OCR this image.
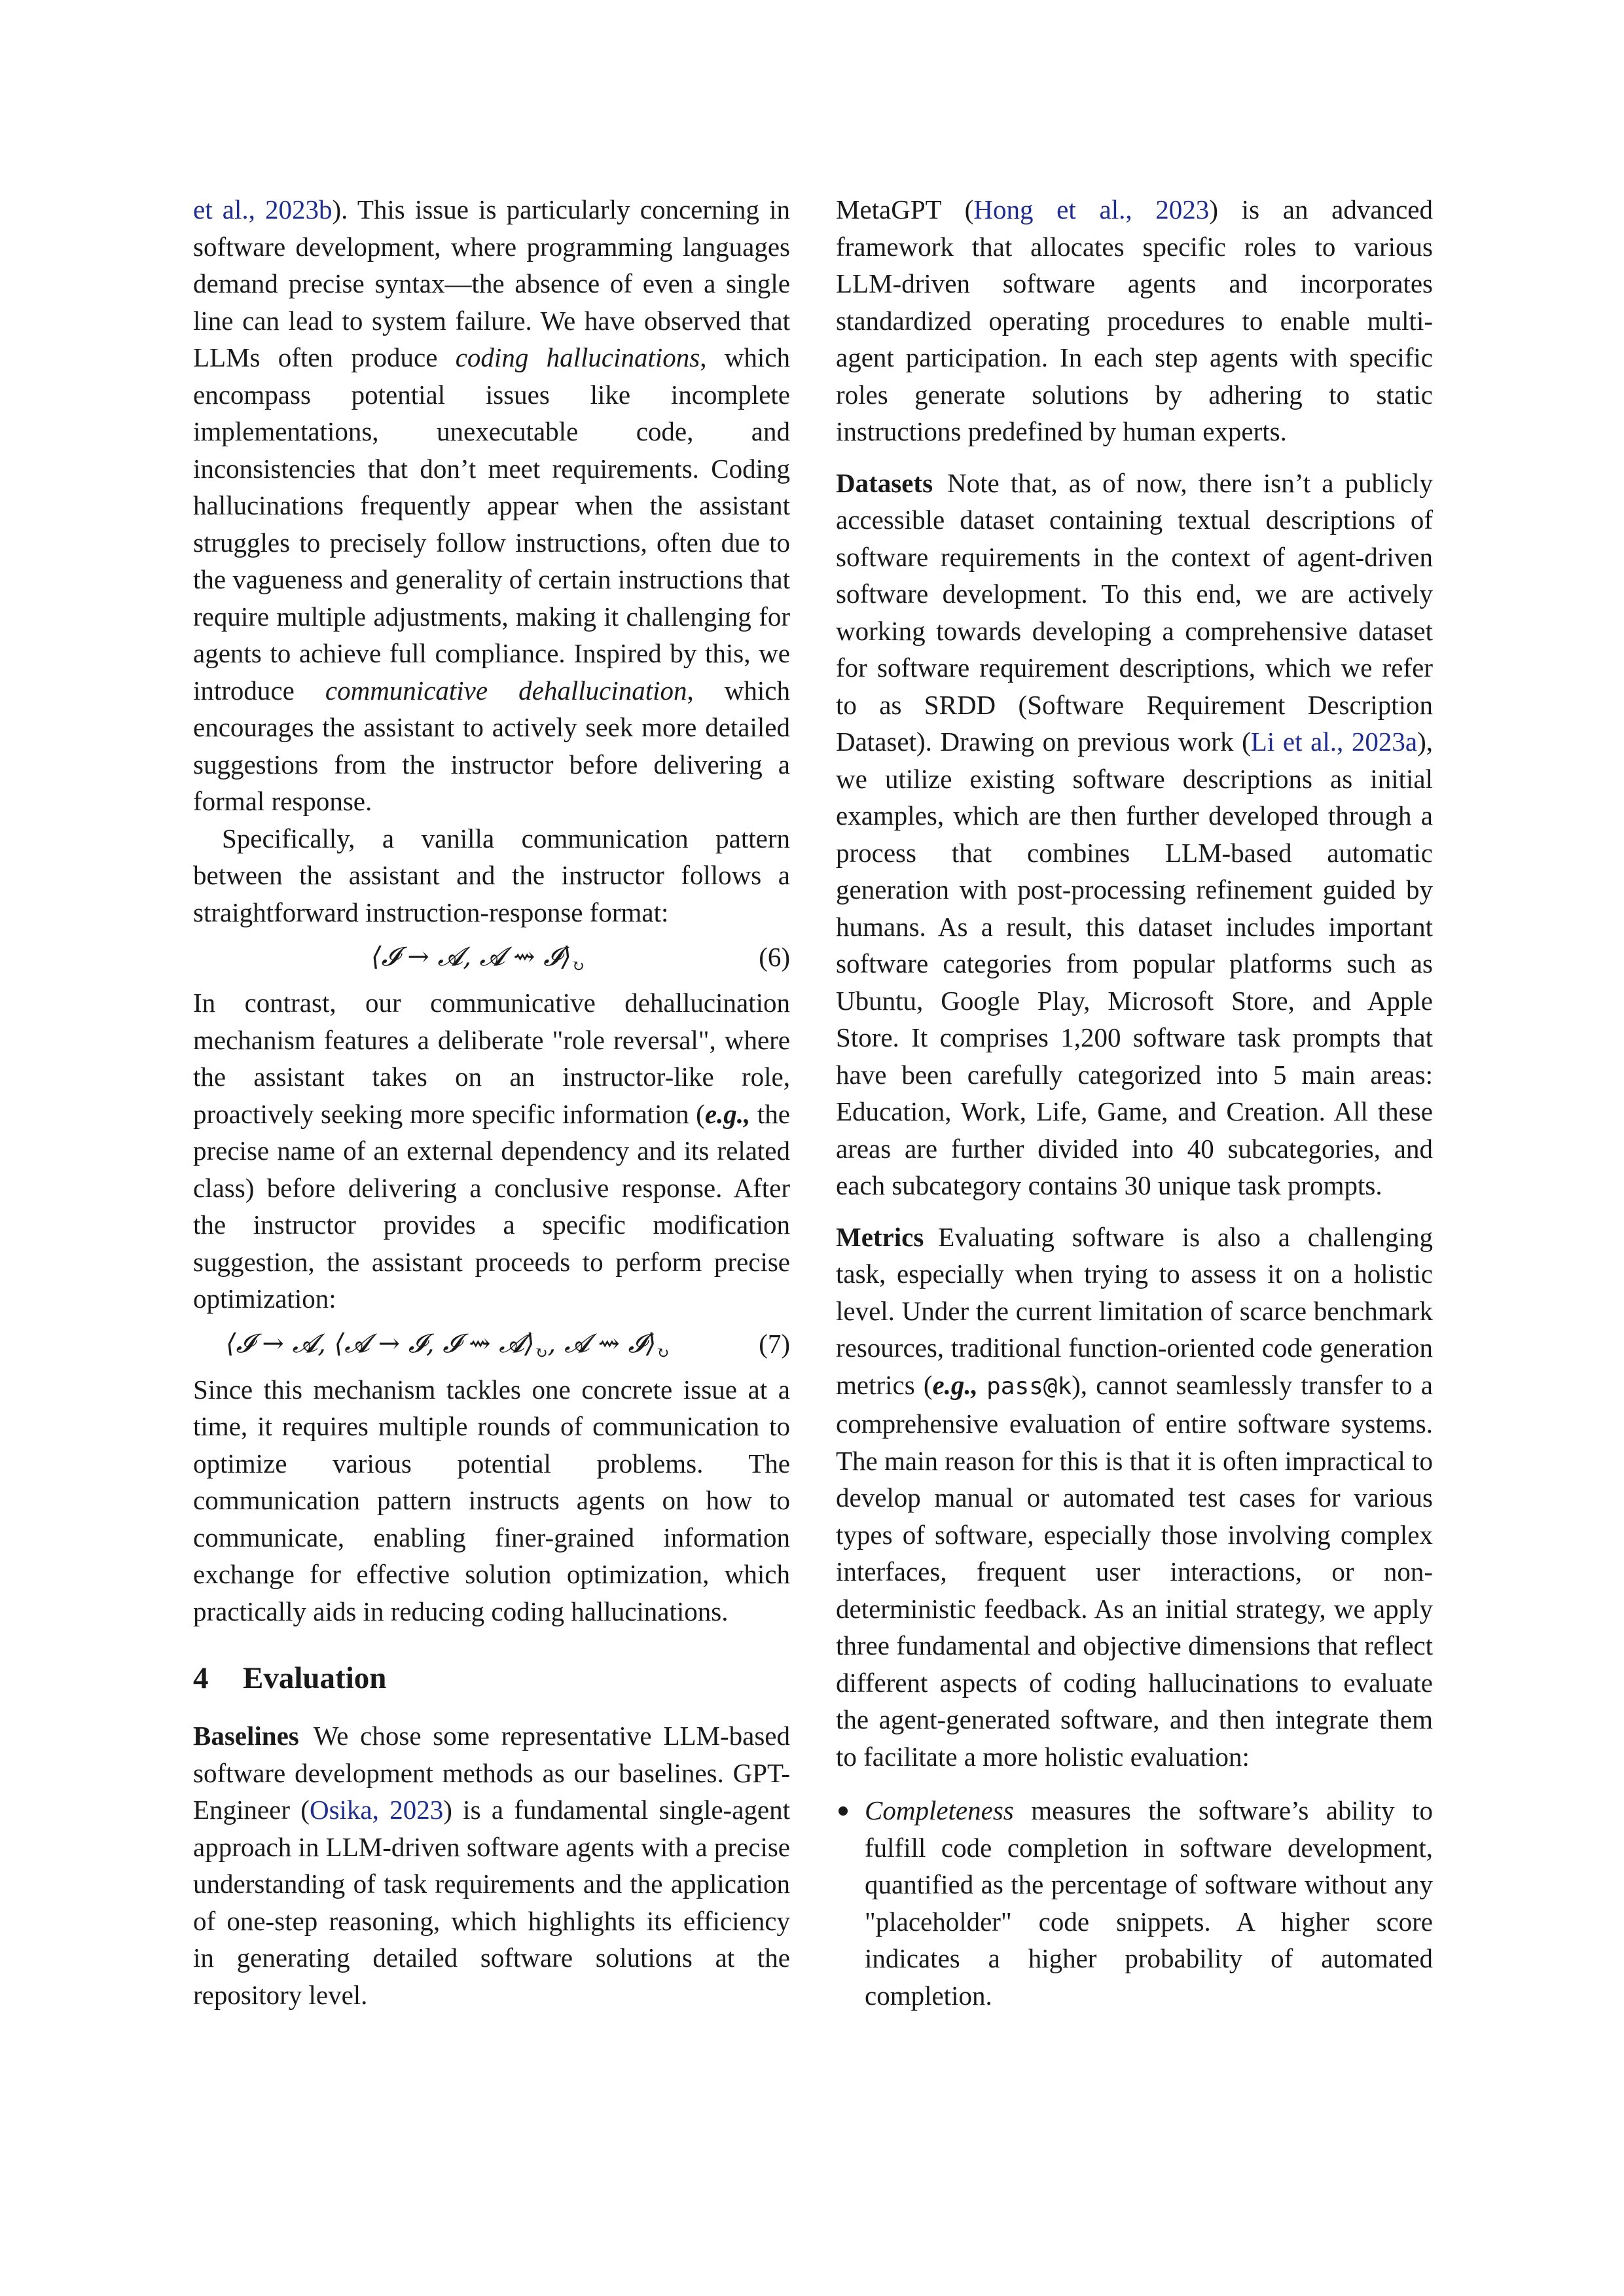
et al., 2023b). This issue is particularly concerning in software development, where programming languages demand precise syntax—the absence of even a single line can lead to system failure. We have observed that LLMs often produce coding hallucinations, which encompass potential issues like incomplete implementations, unexecutable code, and inconsistencies that don’t meet requirements. Coding hallucinations frequently appear when the assistant struggles to precisely follow instructions, often due to the vagueness and generality of certain instructions that require multiple adjustments, making it challenging for agents to achieve full compliance. Inspired by this, we introduce communicative dehallucination, which encourages the assistant to actively seek more detailed suggestions from the instructor before delivering a formal response.

Specifically, a vanilla communication pattern between the assistant and the instructor follows a straightforward instruction-response format:

⟨𝓘 → 𝓐, 𝓐 ⇝ $𝓘⟩_↻$	(6)

In contrast, our communicative dehallucination mechanism features a deliberate "role reversal", where the assistant takes on an instructor-like role, proactively seeking more specific information (e.g., the precise name of an external dependency and its related class) before delivering a conclusive response. After the instructor provides a specific modification suggestion, the assistant proceeds to perform precise optimization:

⟨𝓘 → 𝓐, ⟨𝓐 → 𝓘, 𝓘 ⇝ $𝓐⟩_↻$, 𝓐 ⇝ $𝓘⟩_↻$	(7)

Since this mechanism tackles one concrete issue at a time, it requires multiple rounds of communication to optimize various potential problems. The communication pattern instructs agents on how to communicate, enabling finer-grained information exchange for effective solution optimization, which practically aids in reducing coding hallucinations.

4 Evaluation

Baselines We chose some representative LLM-based software development methods as our baselines. GPT-Engineer (Osika, 2023) is a fundamental single-agent approach in LLM-driven software agents with a precise understanding of task requirements and the application of one-step reasoning, which highlights its efficiency in generating detailed software solutions at the repository level.

MetaGPT (Hong et al., 2023) is an advanced framework that allocates specific roles to various LLM-driven software agents and incorporates standardized operating procedures to enable multi-agent participation. In each step agents with specific roles generate solutions by adhering to static instructions predefined by human experts.

Datasets Note that, as of now, there isn’t a publicly accessible dataset containing textual descriptions of software requirements in the context of agent-driven software development. To this end, we are actively working towards developing a comprehensive dataset for software requirement descriptions, which we refer to as SRDD (Software Requirement Description Dataset). Drawing on previous work (Li et al., 2023a), we utilize existing software descriptions as initial examples, which are then further developed through a process that combines LLM-based automatic generation with post-processing refinement guided by humans. As a result, this dataset includes important software categories from popular platforms such as Ubuntu, Google Play, Microsoft Store, and Apple Store. It comprises 1,200 software task prompts that have been carefully categorized into 5 main areas: Education, Work, Life, Game, and Creation. All these areas are further divided into 40 subcategories, and each subcategory contains 30 unique task prompts.

Metrics Evaluating software is also a challenging task, especially when trying to assess it on a holistic level. Under the current limitation of scarce benchmark resources, traditional function-oriented code generation metrics (e.g., pass@k), cannot seamlessly transfer to a comprehensive evaluation of entire software systems. The main reason for this is that it is often impractical to develop manual or automated test cases for various types of software, especially those involving complex interfaces, frequent user interactions, or non-deterministic feedback. As an initial strategy, we apply three fundamental and objective dimensions that reflect different aspects of coding hallucinations to evaluate the agent-generated software, and then integrate them to facilitate a more holistic evaluation:

Completeness measures the software’s ability to fulfill code completion in software development, quantified as the percentage of software without any "placeholder" code snippets. A higher score indicates a higher probability of automated completion.
